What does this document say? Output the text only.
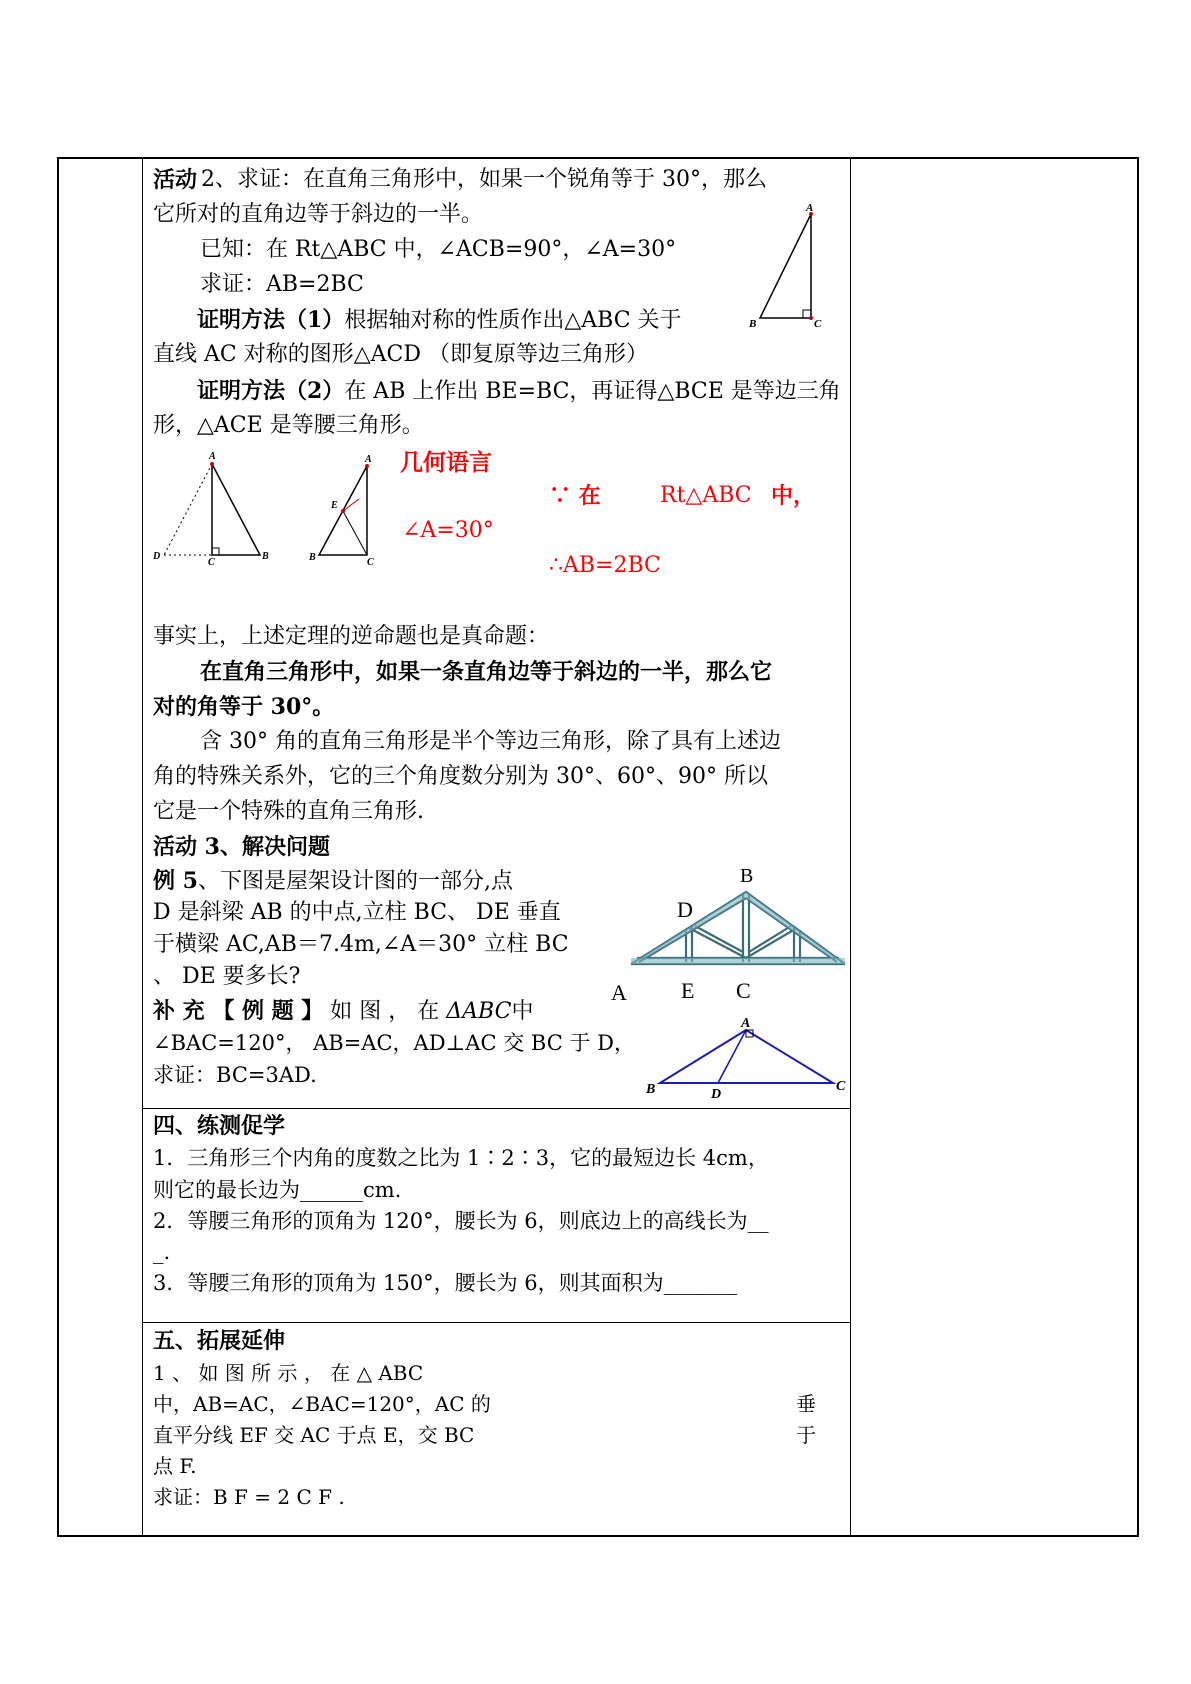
活动 2、求证：在直角三角形中，如果一个锐角等于 30°，那么
它所对的直角边等于斜边的一半。
已知：在 Rt△ABC 中，∠ACB=90°，∠A=30°
求证：AB=2BC
证明方法（1）根据轴对称的性质作出△ABC 关于
直线 AC 对称的图形△ACD （即复原等边三角形）
证明方法（2）在 AB 上作出 BE=BC，再证得△BCE 是等边三角
形，△ACE 是等腰三角形。
A
B	C
A
D
C
B
A
E
B	C
几何语言
∵ 在	Rt△ABC 中，
∠A=30°
∴AB=2BC
事实上，上述定理的逆命题也是真命题：
在直角三角形中，如果一条直角边等于斜边的一半，那么它
对的角等于 30°。
含 30° 角的直角三角形是半个等边三角形，除了具有上述边
角的特殊关系外，它的三个角度数分别为 30°、60°、90° 所以
它是一个特殊的直角三角形.
活动 3、解决问题
例 5、下图是屋架设计图的一部分,点
D 是斜梁 AB 的中点,立柱 BC、 DE 垂直
于横梁 AC,AB＝7.4m,∠A＝30° 立柱 BC
、 DE 要多长?
补 充 【 例 题 】 如 图 ， 在 ΔABC中
∠BAC=120°， AB=AC，AD⊥AC 交 BC 于 D，
求证：BC=3AD.
B
D
A E C
A
B	D
C
四、练测促学
1．三角形三个内角的度数之比为 1∶2∶3，它的最短边长 4cm，
则它的最长边为______cm.
2．等腰三角形的顶角为 120°，腰长为 6，则底边上的高线长为__
_.
3．等腰三角形的顶角为 150°，腰长为 6，则其面积为_______
五、拓展延伸
1 、 如 图 所 示 ， 在 △ ABC
中，AB=AC，∠BAC=120°，AC 的	垂
直平分线 EF 交 AC 于点 E，交 BC	于
点 F.
求证：B F = 2 C F .
